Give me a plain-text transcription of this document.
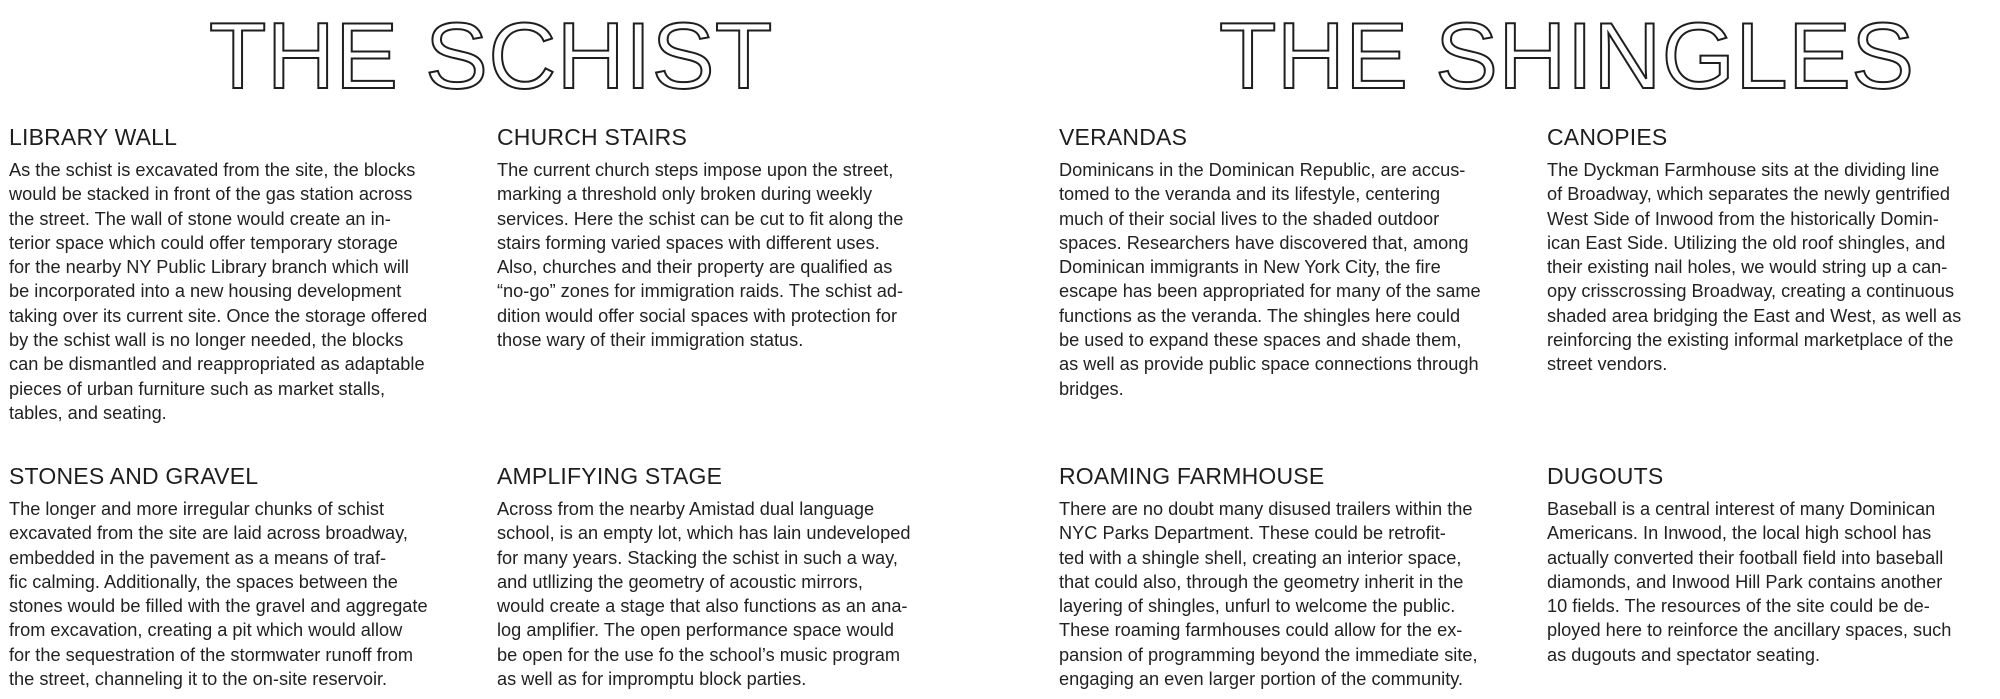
THE SCHIST	THE SHINGLES
LIBRARY WALL
As the schist is excavated from the site, the blocks
would be stacked in front of the gas station across
the street. The wall of stone would create an in-
terior space which could offer temporary storage
for the nearby NY Public Library branch which will
be incorporated into a new housing development
taking over its current site. Once the storage offered
by the schist wall is no longer needed, the blocks
can be dismantled and reappropriated as adaptable
pieces of urban furniture such as market stalls,
tables, and seating.
CHURCH STAIRS
The current church steps impose upon the street,
marking a threshold only broken during weekly
services. Here the schist can be cut to fit along the
stairs forming varied spaces with different uses.
Also, churches and their property are qualified as
“no-go” zones for immigration raids. The schist ad-
dition would offer social spaces with protection for
those wary of their immigration status.
VERANDAS
Dominicans in the Dominican Republic, are accus-
tomed to the veranda and its lifestyle, centering
much of their social lives to the shaded outdoor
spaces. Researchers have discovered that, among
Dominican immigrants in New York City, the fire
escape has been appropriated for many of the same
functions as the veranda. The shingles here could
be used to expand these spaces and shade them,
as well as provide public space connections through
bridges.
CANOPIES
The Dyckman Farmhouse sits at the dividing line
of Broadway, which separates the newly gentrified
West Side of Inwood from the historically Domin-
ican East Side. Utilizing the old roof shingles, and
their existing nail holes, we would string up a can-
opy crisscrossing Broadway, creating a continuous
shaded area bridging the East and West, as well as
reinforcing the existing informal marketplace of the
street vendors.
STONES AND GRAVEL
The longer and more irregular chunks of schist
excavated from the site are laid across broadway,
embedded in the pavement as a means of traf-
fic calming. Additionally, the spaces between the
stones would be filled with the gravel and aggregate
from excavation, creating a pit which would allow
for the sequestration of the stormwater runoff from
the street, channeling it to the on-site reservoir.
AMPLIFYING STAGE
Across from the nearby Amistad dual language
school, is an empty lot, which has lain undeveloped
for many years. Stacking the schist in such a way,
and utllizing the geometry of acoustic mirrors,
would create a stage that also functions as an ana-
log amplifier. The open performance space would
be open for the use fo the school’s music program
as well as for impromptu block parties.
ROAMING FARMHOUSE
There are no doubt many disused trailers within the
NYC Parks Department. These could be retrofit-
ted with a shingle shell, creating an interior space,
that could also, through the geometry inherit in the
layering of shingles, unfurl to welcome the public.
These roaming farmhouses could allow for the ex-
pansion of programming beyond the immediate site,
engaging an even larger portion of the community.
DUGOUTS
Baseball is a central interest of many Dominican
Americans. In Inwood, the local high school has
actually converted their football field into baseball
diamonds, and Inwood Hill Park contains another
10 fields. The resources of the site could be de-
ployed here to reinforce the ancillary spaces, such
as dugouts and spectator seating.
